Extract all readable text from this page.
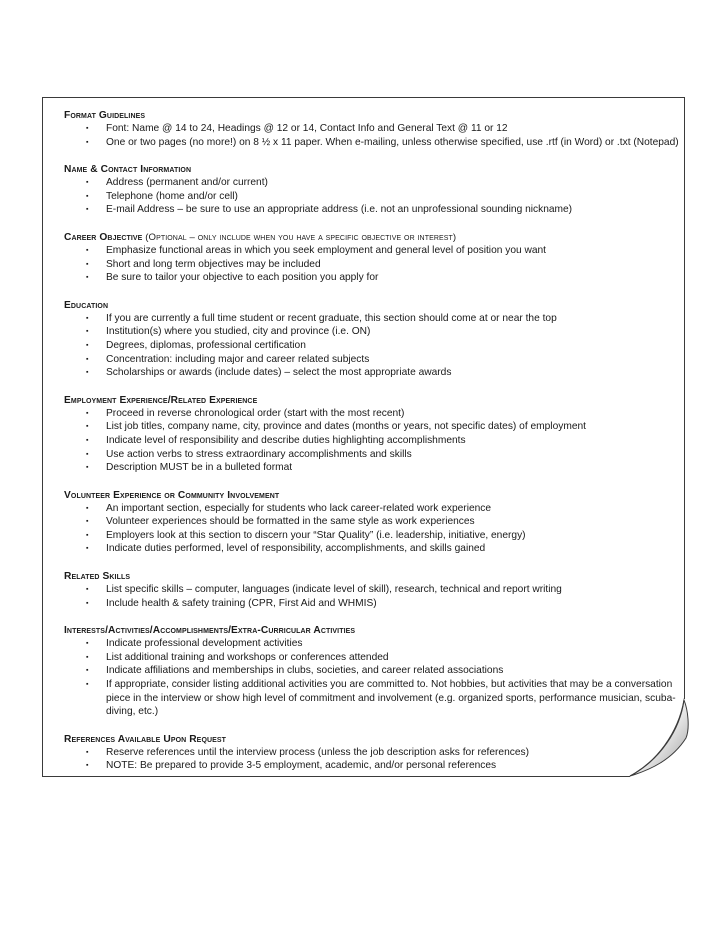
Format Guidelines

▪ Font: Name @ 14 to 24, Headings @ 12 or 14, Contact Info and General Text @ 11 or 12
▪ One or two pages (no more!) on 8 ½ x 11 paper. When e-mailing, unless otherwise specified, use .rtf (in Word) or .txt (Notepad)

Name & Contact Information

▪ Address (permanent and/or current)
▪ Telephone (home and/or cell)
▪ E-mail Address – be sure to use an appropriate address (i.e. not an unprofessional sounding nickname)

Career Objective (Optional – only include when you have a specific objective or interest)

▪ Emphasize functional areas in which you seek employment and general level of position you want
▪ Short and long term objectives may be included
▪ Be sure to tailor your objective to each position you apply for

Education

▪ If you are currently a full time student or recent graduate, this section should come at or near the top
▪ Institution(s) where you studied, city and province (i.e. ON)
▪ Degrees, diplomas, professional certification
▪ Concentration: including major and career related subjects
▪ Scholarships or awards (include dates) – select the most appropriate awards

Employment Experience/Related Experience

▪ Proceed in reverse chronological order (start with the most recent)
▪ List job titles, company name, city, province and dates (months or years, not specific dates) of employment
▪ Indicate level of responsibility and describe duties highlighting accomplishments
▪ Use action verbs to stress extraordinary accomplishments and skills
▪ Description MUST be in a bulleted format

Volunteer Experience or Community Involvement

▪ An important section, especially for students who lack career-related work experience
▪ Volunteer experiences should be formatted in the same style as work experiences
▪ Employers look at this section to discern your “Star Quality” (i.e. leadership, initiative, energy)
▪ Indicate duties performed, level of responsibility, accomplishments, and skills gained

Related Skills

▪ List specific skills – computer, languages (indicate level of skill), research, technical and report writing
▪ Include health & safety training (CPR, First Aid and WHMIS)

Interests/Activities/Accomplishments/Extra-Curricular Activities

▪ Indicate professional development activities
▪ List additional training and workshops or conferences attended
▪ Indicate affiliations and memberships in clubs, societies, and career related associations
▪ If appropriate, consider listing additional activities you are committed to. Not hobbies, but activities that may be a conversation piece in the interview or show high level of commitment and involvement (e.g. organized sports, performance musician, scuba-diving, etc.)

References Available Upon Request

▪ Reserve references until the interview process (unless the job description asks for references)
▪ NOTE: Be prepared to provide 3-5 employment, academic, and/or personal references
